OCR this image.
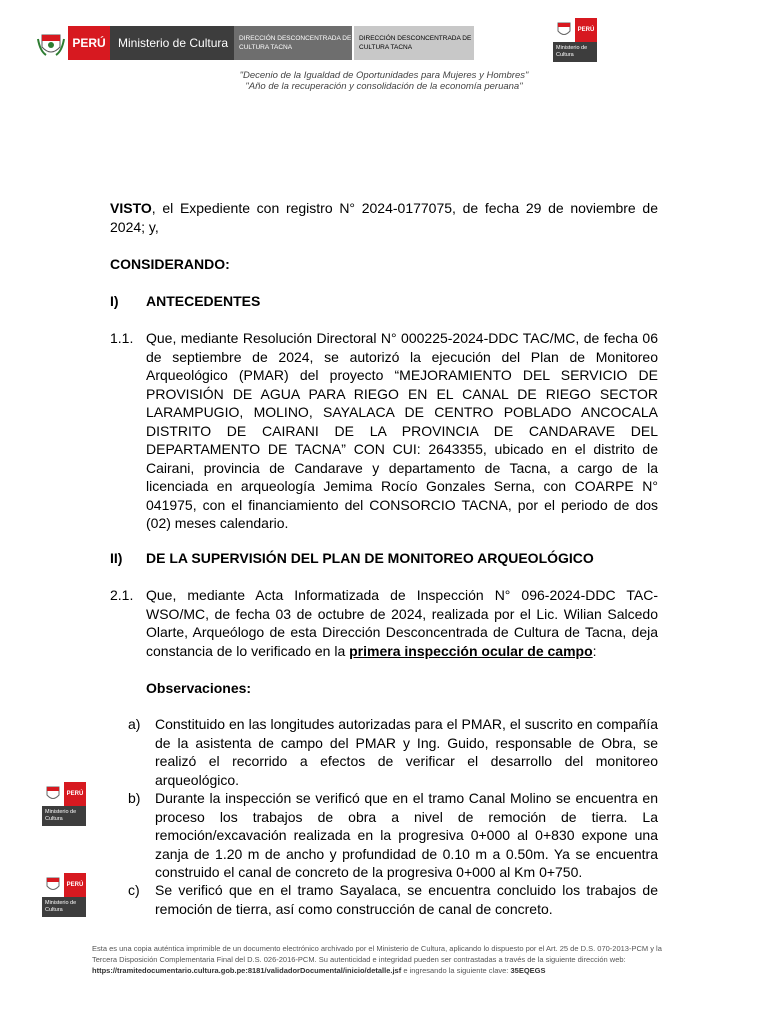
PERÚ	Ministerio de Cultura	DIRECCIÓN DESCONCENTRADA DE CULTURA TACNA
DIRECCIÓN DESCONCENTRADA DE CULTURA TACNA
PERÚ
Ministerio de Cultura
"Decenio de la Igualdad de Oportunidades para Mujeres y Hombres"
"Año de la recuperación y consolidación de la economía peruana"
VISTO, el Expediente con registro N° 2024-0177075, de fecha 29 de noviembre de 2024; y,
CONSIDERANDO:
I) ANTECEDENTES
1.1. Que, mediante Resolución Directoral N° 000225-2024-DDC TAC/MC, de fecha 06 de septiembre de 2024, se autorizó la ejecución del Plan de Monitoreo Arqueológico (PMAR) del proyecto “MEJORAMIENTO DEL SERVICIO DE PROVISIÓN DE AGUA PARA RIEGO EN EL CANAL DE RIEGO SECTOR LARAMPUGIO, MOLINO, SAYALACA DE CENTRO POBLADO ANCOCALA DISTRITO DE CAIRANI DE LA PROVINCIA DE CANDARAVE DEL DEPARTAMENTO DE TACNA” CON CUI: 2643355, ubicado en el distrito de Cairani, provincia de Candarave y departamento de Tacna, a cargo de la licenciada en arqueología Jemima Rocío Gonzales Serna, con COARPE N° 041975, con el financiamiento del CONSORCIO TACNA, por el periodo de dos (02) meses calendario.
II) DE LA SUPERVISIÓN DEL PLAN DE MONITOREO ARQUEOLÓGICO
2.1. Que, mediante Acta Informatizada de Inspección N° 096-2024-DDC TAC-WSO/MC, de fecha 03 de octubre de 2024, realizada por el Lic. Wilian Salcedo Olarte, Arqueólogo de esta Dirección Desconcentrada de Cultura de Tacna, deja constancia de lo verificado en la primera inspección ocular de campo:
Observaciones:
a) Constituido en las longitudes autorizadas para el PMAR, el suscrito en compañía de la asistenta de campo del PMAR y Ing. Guido, responsable de Obra, se realizó el recorrido a efectos de verificar el desarrollo del monitoreo arqueológico.
b) Durante la inspección se verificó que en el tramo Canal Molino se encuentra en proceso los trabajos de obra a nivel de remoción de tierra. La remoción/excavación realizada en la progresiva 0+000 al 0+830 expone una zanja de 1.20 m de ancho y profundidad de 0.10 m a 0.50m. Ya se encuentra construido el canal de concreto de la progresiva 0+000 al Km 0+750.
c) Se verificó que en el tramo Sayalaca, se encuentra concluido los trabajos de remoción de tierra, así como construcción de canal de concreto.
PERÚ
Ministerio de Cultura
PERÚ
Ministerio de Cultura
Esta es una copia auténtica imprimible de un documento electrónico archivado por el Ministerio de Cultura, aplicando lo dispuesto por el Art. 25 de D.S. 070-2013-PCM y la Tercera Disposición Complementaria Final del D.S. 026-2016-PCM. Su autenticidad e integridad pueden ser contrastadas a través de la siguiente dirección web:
https://tramitedocumentario.cultura.gob.pe:8181/validadorDocumental/inicio/detalle.jsf e ingresando la siguiente clave: 35EQEGS
